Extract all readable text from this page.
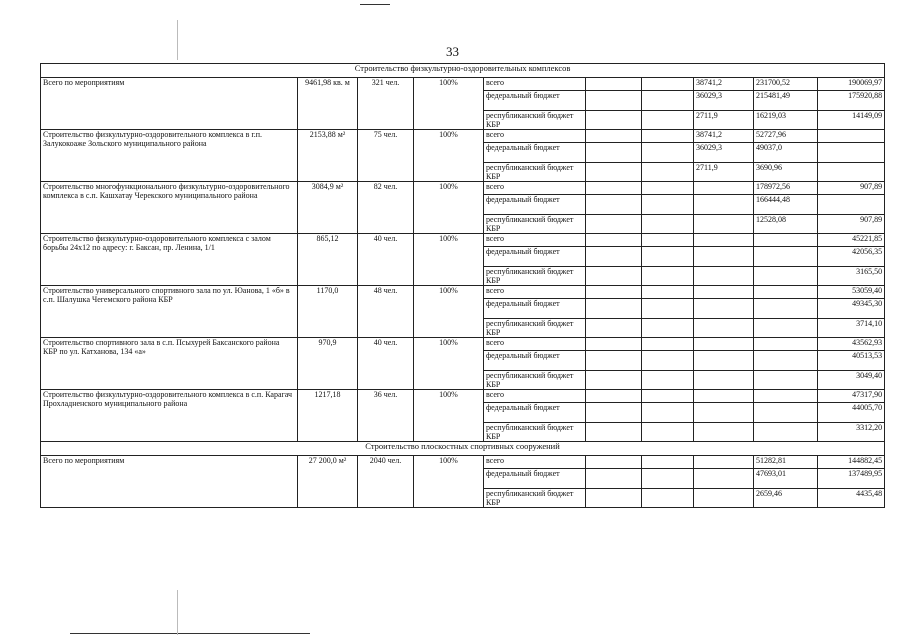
33
Строительство физкультурно-оздоровительных комплексов									
Всего по мероприятиям	9461,98 кв. м	321 чел.	100%	всего			38741,2	231700,52	190069,97
				федеральный бюджет			36029,3	215481,49	175920,88
				республиканский бюджет КБР			2711,9	16219,03	14149,09
Строительство физкультурно-оздоровительного комплекса в г.п. Залукокоаже Зольского муниципального района	2153,88 м²	75 чел.	100%	всего			38741,2	52727,96	
				федеральный бюджет			36029,3	49037,0	
				республиканский бюджет КБР			2711,9	3690,96	
Строительство многофункционального физкультурно-оздоровительного комплекса в с.п. Кашхатау Черекского муниципального района	3084,9 м²	82 чел.	100%	всего				178972,56	907,89
				федеральный бюджет				166444,48	
				республиканский бюджет КБР				12528,08	907,89
Строительство физкультурно-оздоровительного комплекса с залом борьбы 24х12 по адресу: г. Баксан, пр. Ленина, 1/1	865,12	40 чел.	100%	всего					45221,85
				федеральный бюджет					42056,35
				республиканский бюджет КБР					3165,50
Строительство универсального спортивного зала по ул. Юанова, 1 «б» в с.п. Шалушка Чегемского района КБР	1170,0	48 чел.	100%	всего					53059,40
				федеральный бюджет					49345,30
				республиканский бюджет КБР					3714,10
Строительство спортивного зала в с.п. Псыхурей Баксанского района КБР по ул. Катханова, 134 «а»	970,9	40 чел.	100%	всего					43562,93
				федеральный бюджет					40513,53
				республиканский бюджет КБР					3049,40
Строительство физкультурно-оздоровительного комплекса в с.п. Карагач Прохладненского муниципального района	1217,18	36 чел.	100%	всего					47317,90
				федеральный бюджет					44005,70
				республиканский бюджет КБР					3312,20
Строительство плоскостных спортивных сооружений									
Всего по мероприятиям	27 200,0 м²	2040 чел.	100%	всего				51282,81	144882,45
				федеральный бюджет				47693,01	137489,95
				республиканский бюджет КБР				2659,46	4435,48
